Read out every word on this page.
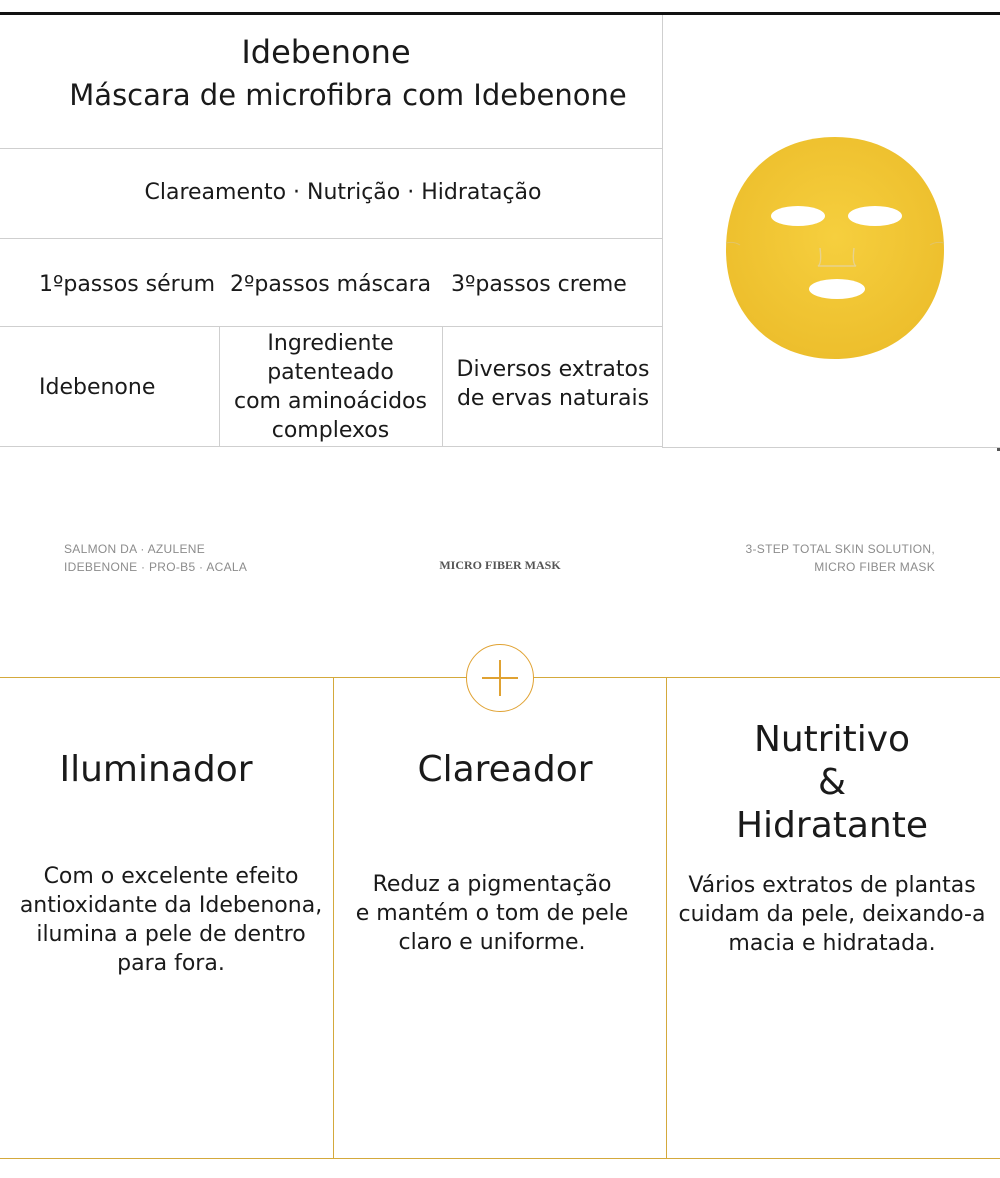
Idebenone
Máscara de microfibra com Idebenone
Clareamento · Nutrição · Hidratação
1ºpassos sérum 2ºpassos máscara 3ºpassos creme
Idebenone
Ingrediente
patenteado
com aminoácidos
complexos
Diversos extratos
de ervas naturais
SALMON DA · AZULENE
IDEBENONE · PRO-B5 · ACALA	MICRO FIBER MASK
3-STEP TOTAL SKIN SOLUTION,
MICRO FIBER MASK
Iluminador
Com o excelente efeito
antioxidante da Idebenona,
ilumina a pele de dentro
para fora.
Clareador
Reduz a pigmentação
e mantém o tom de pele
claro e uniforme.
Nutritivo
&
Hidratante
Vários extratos de plantas
cuidam da pele, deixando-a
macia e hidratada.
